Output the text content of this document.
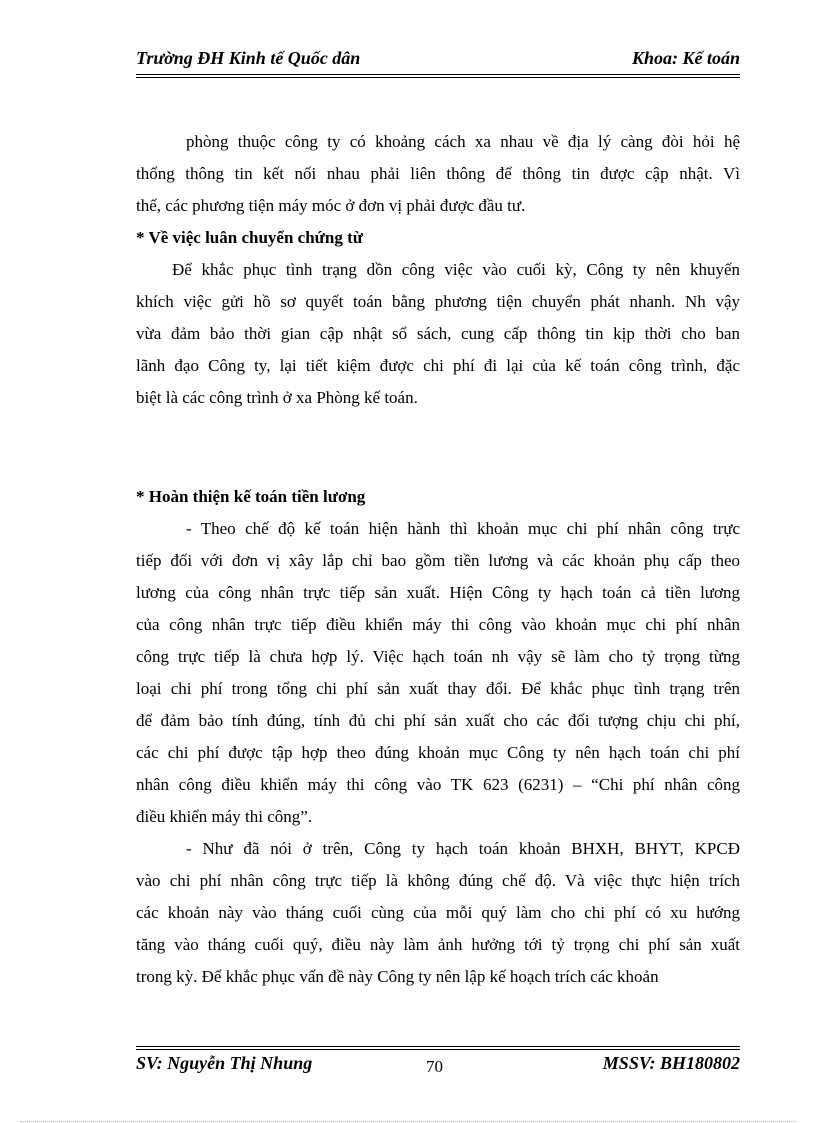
Trường ĐH Kinh tế Quốc dân	Khoa: Kế toán
phòng thuộc công ty có khoảng cách xa nhau về địa lý càng đòi hỏi hệ
thống thông tin kết nối nhau phải liên thông để thông tin được cập nhật. Vì
thế, các phương tiện máy móc ở đơn vị phải được đầu tư.
* Về việc luân chuyển chứng từ
Để khắc phục tình trạng dồn công việc vào cuối kỳ, Công ty nên khuyến
khích việc gửi hồ sơ quyết toán bằng phương tiện chuyển phát nhanh. Nh vậy
vừa đảm bảo thời gian cập nhật sổ sách, cung cấp thông tin kịp thời cho ban
lãnh đạo Công ty, lại tiết kiệm được chi phí đi lại của kế toán công trình, đặc
biệt là các công trình ở xa Phòng kế toán.
* Hoàn thiện kế toán tiền lương
- Theo chế độ kế toán hiện hành thì khoản mục chi phí nhân công trực
tiếp đối với đơn vị xây lắp chỉ bao gồm tiền lương và các khoản phụ cấp theo
lương của công nhân trực tiếp sản xuất. Hiện Công ty hạch toán cả tiền lương
của công nhân trực tiếp điều khiển máy thi công vào khoản mục chi phí nhân
công trực tiếp là chưa hợp lý. Việc hạch toán nh vậy sẽ làm cho tỷ trọng từng
loại chi phí trong tổng chi phí sản xuất thay đổi. Để khắc phục tình trạng trên
để đảm bảo tính đúng, tính đủ chi phí sản xuất cho các đối tượng chịu chi phí,
các chi phí được tập hợp theo đúng khoản mục Công ty nên hạch toán chi phí
nhân công điều khiển máy thi công vào TK 623 (6231) – “Chi phí nhân công
điều khiển máy thi công”.
- Như đã nói ở trên, Công ty hạch toán khoản BHXH, BHYT, KPCĐ
vào chi phí nhân công trực tiếp là không đúng chế độ. Và việc thực hiện trích
các khoản này vào tháng cuối cùng của mỗi quý làm cho chi phí có xu hướng
tăng vào tháng cuối quý, điều này làm ảnh hưởng tới tỷ trọng chi phí sản xuất
trong kỳ. Để khắc phục vấn đề này Công ty nên lập kế hoạch trích các khoản
SV: Nguyễn Thị Nhung	70	MSSV: BH180802
